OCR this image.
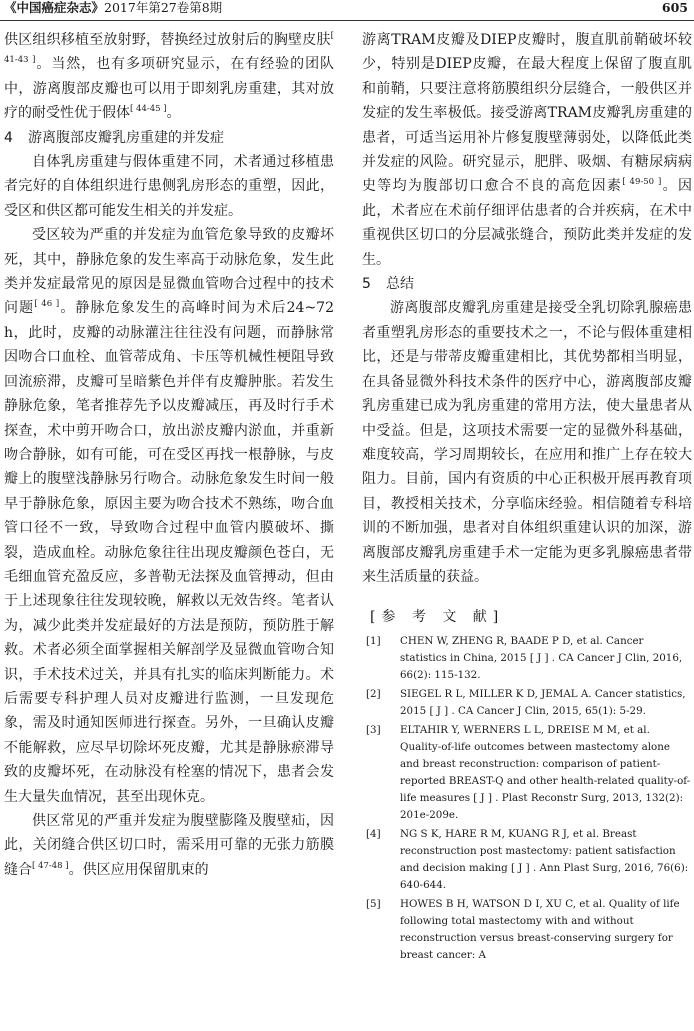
《中国癌症杂志》2017年第27卷第8期	605

供区组织移植至放射野，替换经过放射后的胸壁皮肤[ $^{41-43}$ ] 。当然，也有多项研究显示，在有经验的团队中，游离腹部皮瓣也可以用于即刻乳房重建，其对放疗的耐受性优于假体 [ $^{44-45}$ ] 。

4 游离腹部皮瓣乳房重建的并发症

自体乳房重建与假体重建不同，术者通过移植患者完好的自体组织进行患侧乳房形态的重塑，因此，受区和供区都可能发生相关的并发症。

受区较为严重的并发症为血管危象导致的皮瓣坏死，其中，静脉危象的发生率高于动脉危象，发生此类并发症最常见的原因是显微血管吻合过程中的技术问题 [ $^{46}$ ] 。静脉危象发生的高峰时间为术后24~72 h，此时，皮瓣的动脉灌注往往没有问题，而静脉常因吻合口血栓、血管蒂成角、卡压等机械性梗阻导致回流瘀滞，皮瓣可呈暗紫色并伴有皮瓣肿胀。若发生静脉危象，笔者推荐先予以皮瓣减压，再及时行手术探查，术中剪开吻合口，放出淤皮瓣内淤血，并重新吻合静脉，如有可能，可在受区再找一根静脉，与皮瓣上的腹壁浅静脉另行吻合。动脉危象发生时间一般早于静脉危象，原因主要为吻合技术不熟练，吻合血管口径不一致，导致吻合过程中血管内膜破坏、撕裂，造成血栓。动脉危象往往出现皮瓣颜色苍白，无毛细血管充盈反应，多普勒无法探及血管搏动，但由于上述现象往往发现较晚，解救以无效告终。笔者认为，减少此类并发症最好的方法是预防，预防胜于解救。术者必须全面掌握相关解剖学及显微血管吻合知识，手术技术过关，并具有扎实的临床判断能力。术后需要专科护理人员对皮瓣进行监测，一旦发现危象，需及时通知医师进行探查。另外，一旦确认皮瓣不能解救，应尽早切除坏死皮瓣，尤其是静脉瘀滞导致的皮瓣坏死，在动脉没有栓塞的情况下，患者会发生大量失血情况，甚至出现休克。

供区常见的严重并发症为腹壁膨隆及腹壁疝，因此，关闭缝合供区切口时，需采用可靠的无张力筋膜缝合 [ $^{47-48}$ ] 。供区应用保留肌束的

游离TRAM皮瓣及DIEP皮瓣时，腹直肌前鞘破坏较少，特别是DIEP皮瓣，在最大程度上保留了腹直肌和前鞘，只要注意将筋膜组织分层缝合，一般供区并发症的发生率极低。接受游离TRAM皮瓣乳房重建的患者，可适当运用补片修复腹壁薄弱处，以降低此类并发症的风险。研究显示，肥胖、吸烟、有糖尿病病史等均为腹部切口愈合不良的高危因素 [ $^{49-50}$ ] 。因此，术者应在术前仔细评估患者的合并疾病，在术中重视供区切口的分层减张缝合，预防此类并发症的发生。

5 总结

游离腹部皮瓣乳房重建是接受全乳切除乳腺癌患者重塑乳房形态的重要技术之一，不论与假体重建相比，还是与带蒂皮瓣重建相比，其优势都相当明显，在具备显微外科技术条件的医疗中心，游离腹部皮瓣乳房重建已成为乳房重建的常用方法，使大量患者从中受益。但是，这项技术需要一定的显微外科基础，难度较高，学习周期较长，在应用和推广上存在较大阻力。目前，国内有资质的中心正积极开展再教育项目，教授相关技术，分享临床经验。相信随着专科培训的不断加强，患者对自体组织重建认识的加深，游离腹部皮瓣乳房重建手术一定能为更多乳腺癌患者带来生活质量的获益。

[参 考 文 献]
[1]	CHEN W, ZHENG R, BAADE P D, et al. Cancer statistics in China, 2015 [ J ] . CA Cancer J Clin, 2016, 66(2): 115-132.
[2]	SIEGEL R L, MILLER K D, JEMAL A. Cancer statistics, 2015 [ J ] . CA Cancer J Clin, 2015, 65(1): 5-29.
[3]	ELTAHIR Y, WERNERS L L, DREISE M M, et al. Quality-of-life outcomes between mastectomy alone and breast reconstruction: comparison of patient-reported BREAST-Q and other health-related quality-of-life measures [ J ] . Plast Reconstr Surg, 2013, 132(2): 201e-209e.
[4]	NG S K, HARE R M, KUANG R J, et al. Breast reconstruction post mastectomy: patient satisfaction and decision making [ J ] . Ann Plast Surg, 2016, 76(6): 640-644.
[5]	HOWES B H, WATSON D I, XU C, et al. Quality of life following total mastectomy with and without reconstruction versus breast-conserving surgery for breast cancer: A
